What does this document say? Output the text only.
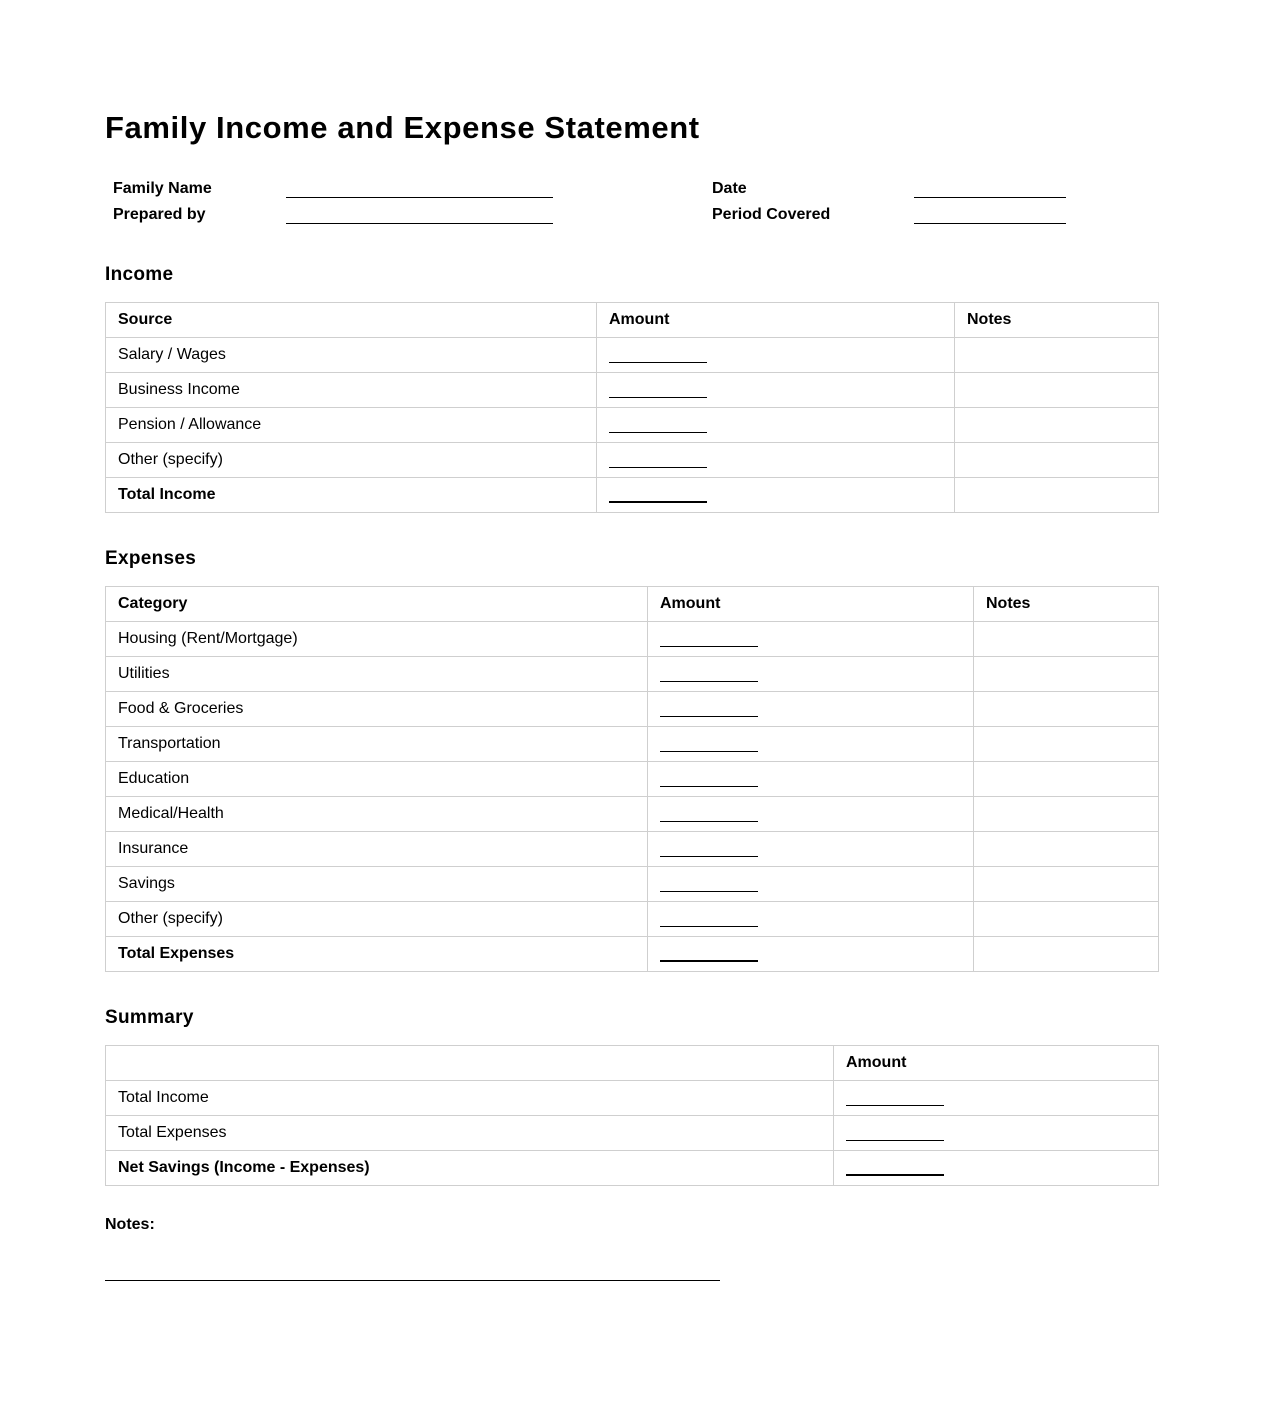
Family Income and Expense Statement
Family Name
Prepared by
Date
Period Covered
Income
Source	Amount	Notes
Salary / Wages		
Business Income		
Pension / Allowance		
Other (specify)		
Total Income		
Expenses
Category	Amount	Notes
Housing (Rent/Mortgage)		
Utilities		
Food & Groceries		
Transportation		
Education		
Medical/Health		
Insurance		
Savings		
Other (specify)		
Total Expenses		
Summary
	Amount
Total Income	
Total Expenses	
Net Savings (Income - Expenses)	
Notes:
